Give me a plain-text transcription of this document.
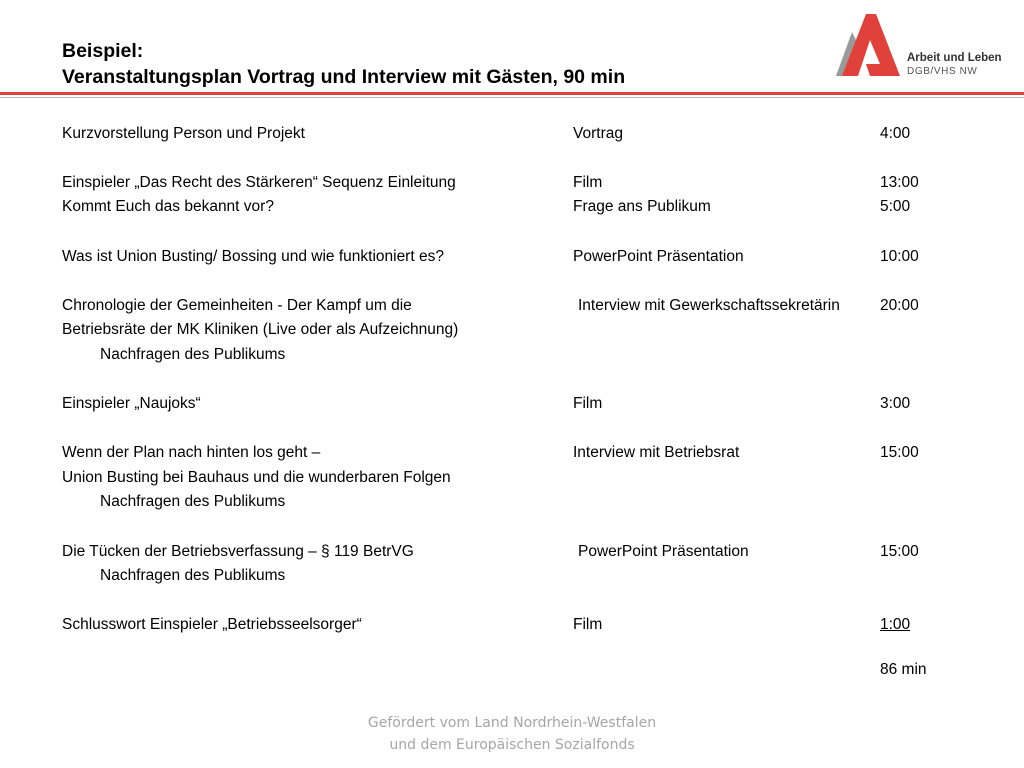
Beispiel:
Veranstaltungsplan Vortrag und Interview mit Gästen, 90 min
Arbeit und Leben
DGB/VHS NW
Kurzvorstellung Person und Projekt	Vortrag	4:00
Einspieler „Das Recht des Stärkeren“ Sequenz Einleitung	Film	13:00
Kommt Euch das bekannt vor?	Frage ans Publikum	5:00
Was ist Union Busting/ Bossing und wie funktioniert es?	PowerPoint Präsentation	10:00
Chronologie der Gemeinheiten - Der Kampf um die	Interview mit Gewerkschaftssekretärin	20:00
Betriebsräte der MK Kliniken (Live oder als Aufzeichnung)
Nachfragen des Publikums
Einspieler „Naujoks“	Film	3:00
Wenn der Plan nach hinten los geht –	Interview mit Betriebsrat	15:00
Union Busting bei Bauhaus und die wunderbaren Folgen
Nachfragen des Publikums
Die Tücken der Betriebsverfassung – § 119 BetrVG	PowerPoint Präsentation	15:00
Nachfragen des Publikums
Schlusswort Einspieler „Betriebsseelsorger“	Film	1:00
86 min
Gefördert vom Land Nordrhein-Westfalen
und dem Europäischen Sozialfonds
